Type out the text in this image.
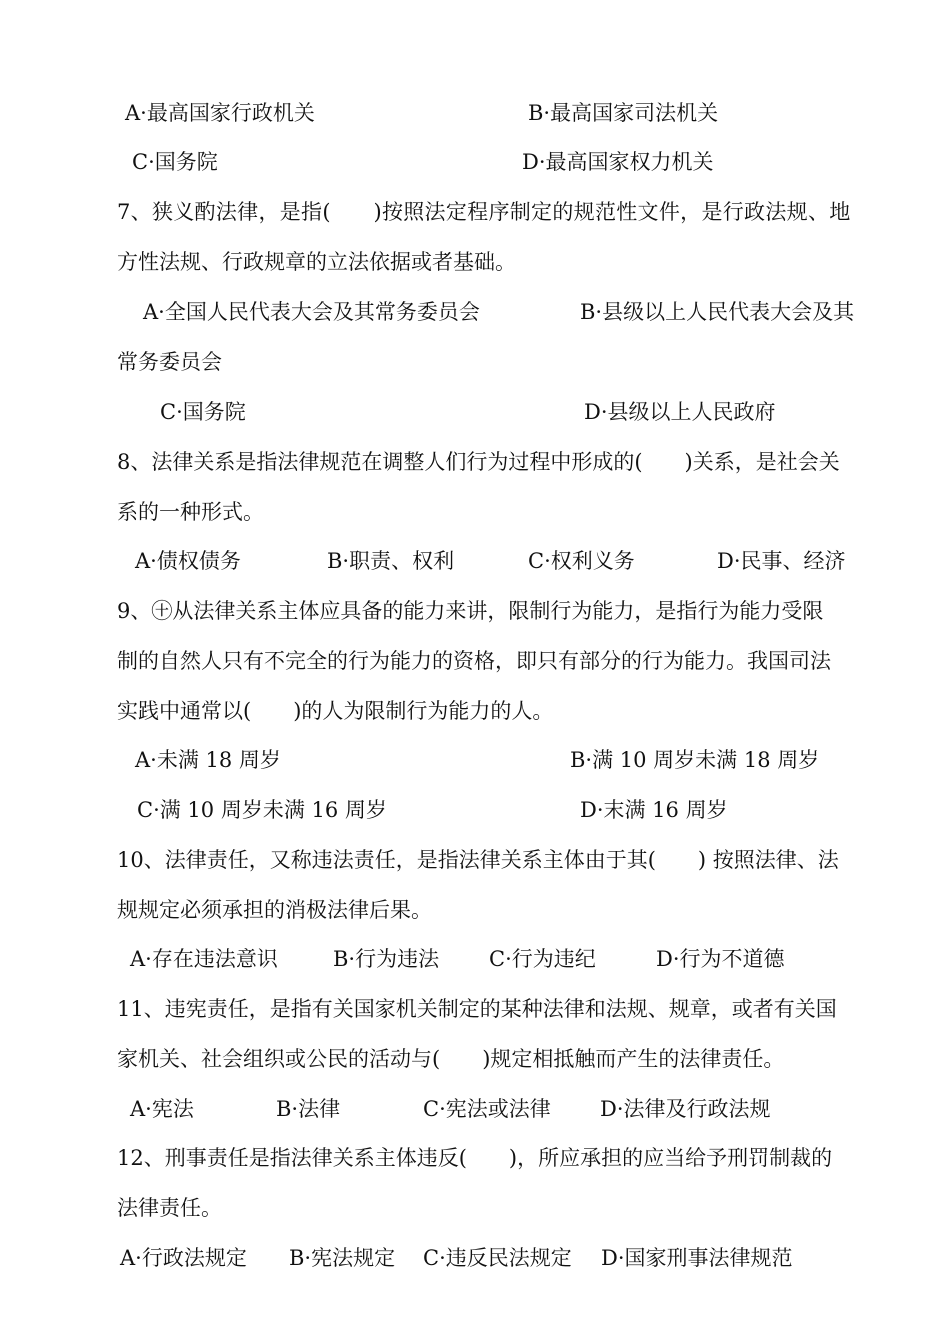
A·最高国家行政机关	B·最高国家司法机关
C·国务院	D·最高国家权力机关
7、狭义酌法律，是指(　　)按照法定程序制定的规范性文件，是行政法规、地
方性法规、行政规章的立法依据或者基础。
A·全国人民代表大会及其常务委员会	B·县级以上人民代表大会及其
常务委员会
C·国务院	D·县级以上人民政府
8、法律关系是指法律规范在调整人们行为过程中形成的(　　)关系，是社会关
系的一种形式。
A·债权债务	B·职责、权利	C·权利义务	D·民事、经济
9、㊉从法律关系主体应具备的能力来讲，限制行为能力，是指行为能力受限
制的自然人只有不完全的行为能力的资格，即只有部分的行为能力。我国司法
实践中通常以(　　)的人为限制行为能力的人。
A·未满 18 周岁	B·满 10 周岁未满 18 周岁
C·满 10 周岁未满 16 周岁	D·末满 16 周岁
10、法律责任，又称违法责任，是指法律关系主体由于其(　　) 按照法律、法
规规定必须承担的消极法律后果。
A·存在违法意识	B·行为违法 C·行为违纪	D·行为不道德
11、违宪责任，是指有关国家机关制定的某种法律和法规、规章，或者有关国
家机关、社会组织或公民的活动与(　　)规定相抵触而产生的法律责任。
A·宪法	B·法律	C·宪法或法律 D·法律及行政法规
12、刑事责任是指法律关系主体违反(　　)，所应承担的应当给予刑罚制裁的
法律责任。
A·行政法规定 B·宪法规定 C·违反民法规定 D·国家刑事法律规范
